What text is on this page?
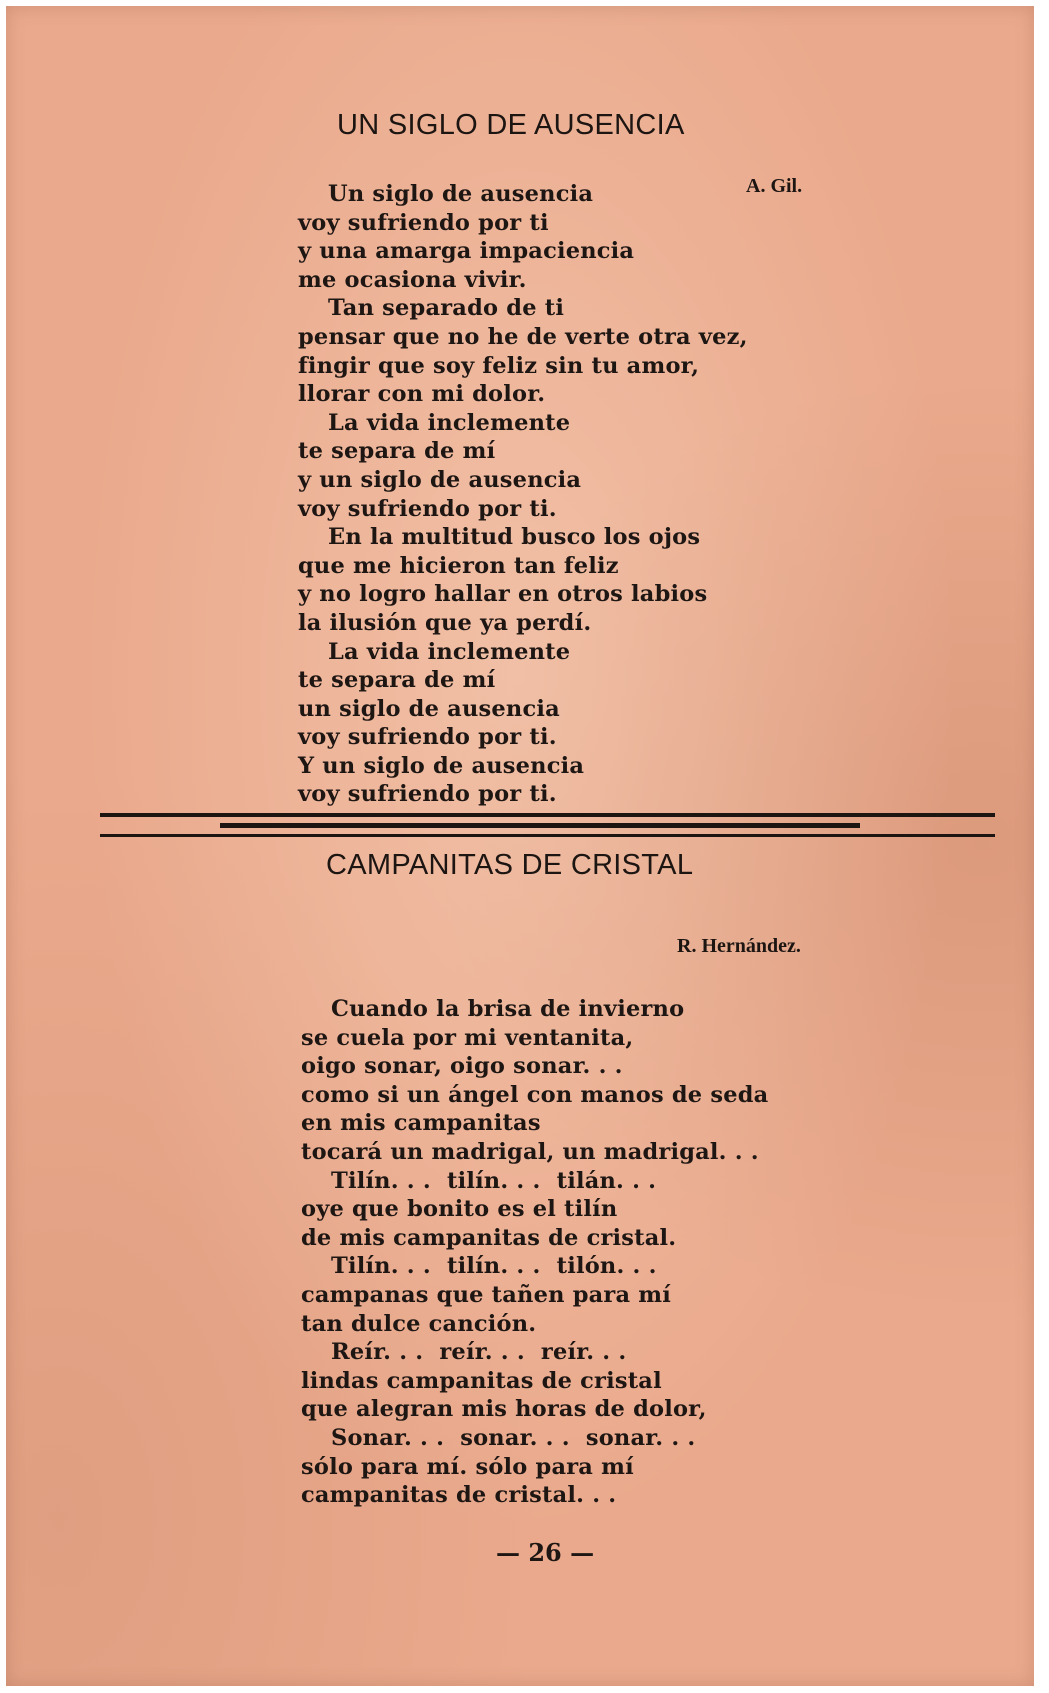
UN SIGLO DE AUSENCIA
A. Gil.
Un siglo de ausencia
voy sufriendo por ti
y una amarga impaciencia
me ocasiona vivir.
Tan separado de ti
pensar que no he de verte otra vez,
fingir que soy feliz sin tu amor,
llorar con mi dolor.
La vida inclemente
te separa de mí
y un siglo de ausencia
voy sufriendo por ti.
En la multitud busco los ojos
que me hicieron tan feliz
y no logro hallar en otros labios
la ilusión que ya perdí.
La vida inclemente
te separa de mí
un siglo de ausencia
voy sufriendo por ti.
Y un siglo de ausencia
voy sufriendo por ti.
CAMPANITAS DE CRISTAL
R. Hernández.
Cuando la brisa de invierno
se cuela por mi ventanita,
oigo sonar, oigo sonar. . .
como si un ángel con manos de seda
en mis campanitas
tocará un madrigal, un madrigal. . .
Tilín. . .  tilín. . .  tilán. . .
oye que bonito es el tilín
de mis campanitas de cristal.
Tilín. . .  tilín. . .  tilón. . .
campanas que tañen para mí
tan dulce canción.
Reír. . .  reír. . .  reír. . .
lindas campanitas de cristal
que alegran mis horas de dolor,
Sonar. . .  sonar. . .  sonar. . .
sólo para mí. sólo para mí
campanitas de cristal. . .
— 26 —
